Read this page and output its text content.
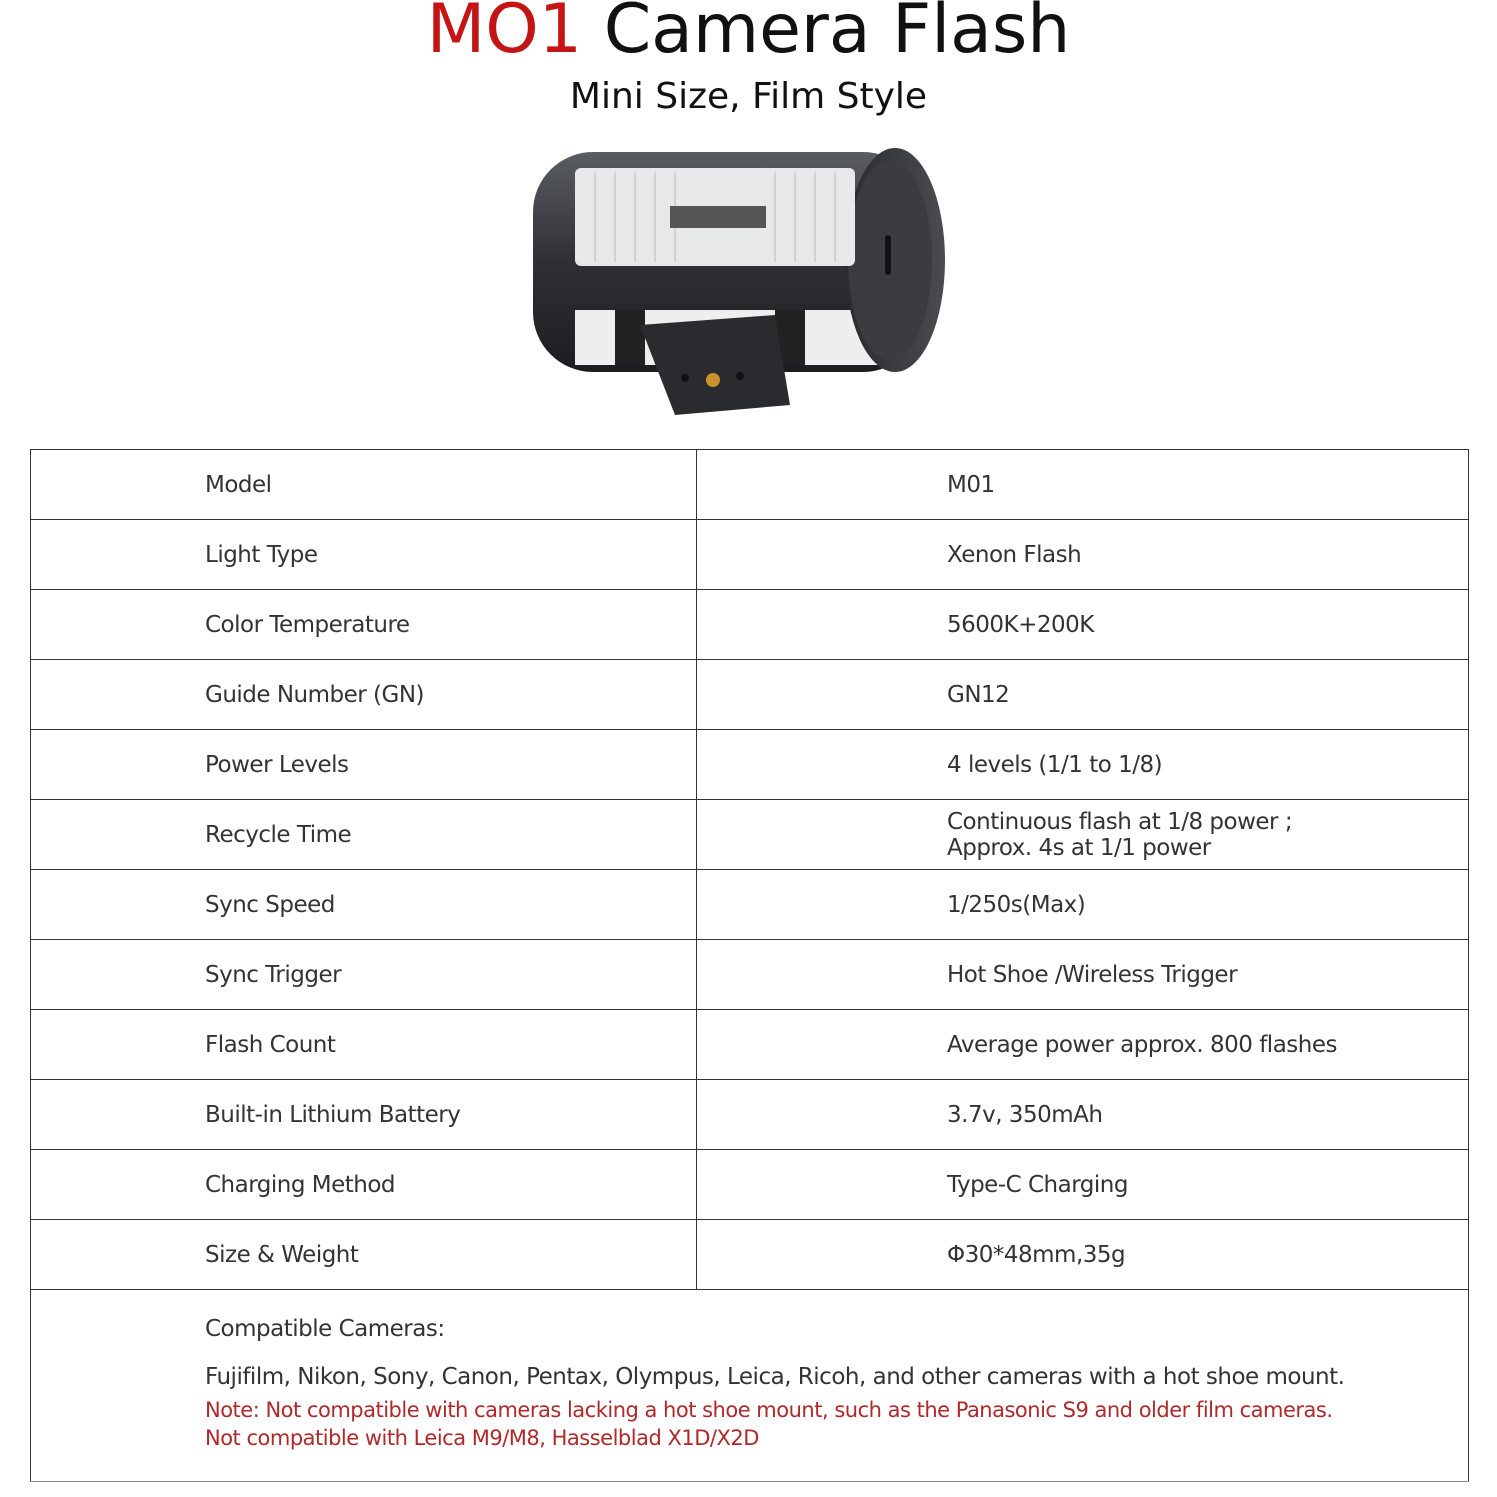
MO1 Camera Flash
Mini Size, Film Style
Model	M01
Light Type	Xenon Flash
Color Temperature	5600K+200K
Guide Number (GN)	GN12
Power Levels	4 levels (1/1 to 1/8)
Recycle Time	Continuous flash at 1/8 power ;
Approx. 4s at 1/1 power
Sync Speed	1/250s(Max)
Sync Trigger	Hot Shoe /Wireless Trigger
Flash Count	Average power approx. 800 flashes
Built-in Lithium Battery	3.7v, 350mAh
Charging Method	Type-C Charging
Size & Weight	Φ30*48mm,35g

Compatible Cameras:
Fujifilm, Nikon, Sony, Canon, Pentax, Olympus, Leica, Ricoh, and other cameras with a hot shoe mount.
Note: Not compatible with cameras lacking a hot shoe mount, such as the Panasonic S9 and older film cameras.
Not compatible with Leica M9/M8, Hasselblad X1D/X2D	
